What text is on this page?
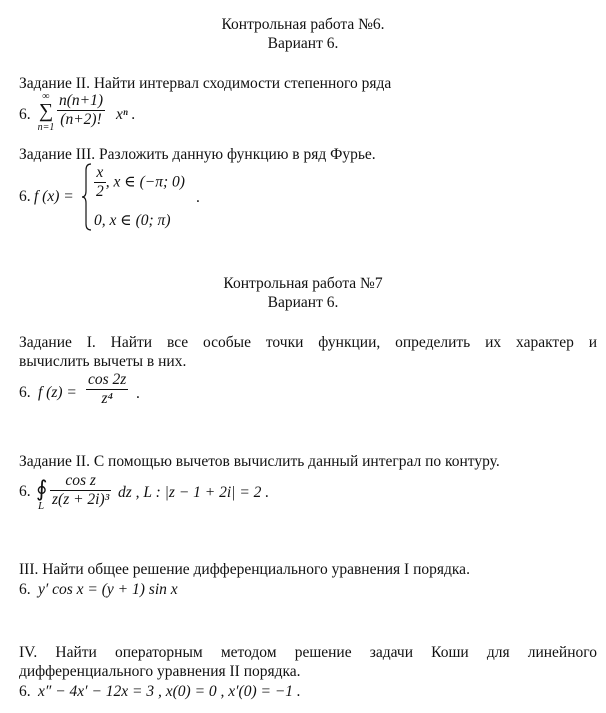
Контрольная работа №6.
Вариант 6.
Задание II. Найти интервал сходимости степенного ряда
6.
∞
∑
$n=1 \frac{n(n+1)}{(n+2)!}$ xⁿ .
Задание III. Разложить данную функцию в ряд Фурье.
6. f $(x) = \frac{x}{2}$ , x ∈ (−π; 0)
0, x ∈ (0; π)
.
Контрольная работа №7
Вариант 6.
Задание I. Найти все особые точки функции, определить их характер и
вычислить вычеты в них.
6. f $(z) = \frac{\cos 2z}{\text{z⁴}}$ .
Задание II. С помощью вычетов вычислить данный интеграл по контуру.
6. ∮
L $\frac{\text{cos z}}{\text{z(z + 2i)³}}$ dz , L : |z − 1 + 2i| = 2 .
III. Найти общее решение дифференциального уравнения I порядка.
6. y′ cos x = (y + 1) sin x
IV. Найти операторным методом решение задачи Коши для линейного
дифференциального уравнения II порядка.
6. x″ − 4x′ − 12x = 3 , x(0) = 0 , x′(0) = −1 .
